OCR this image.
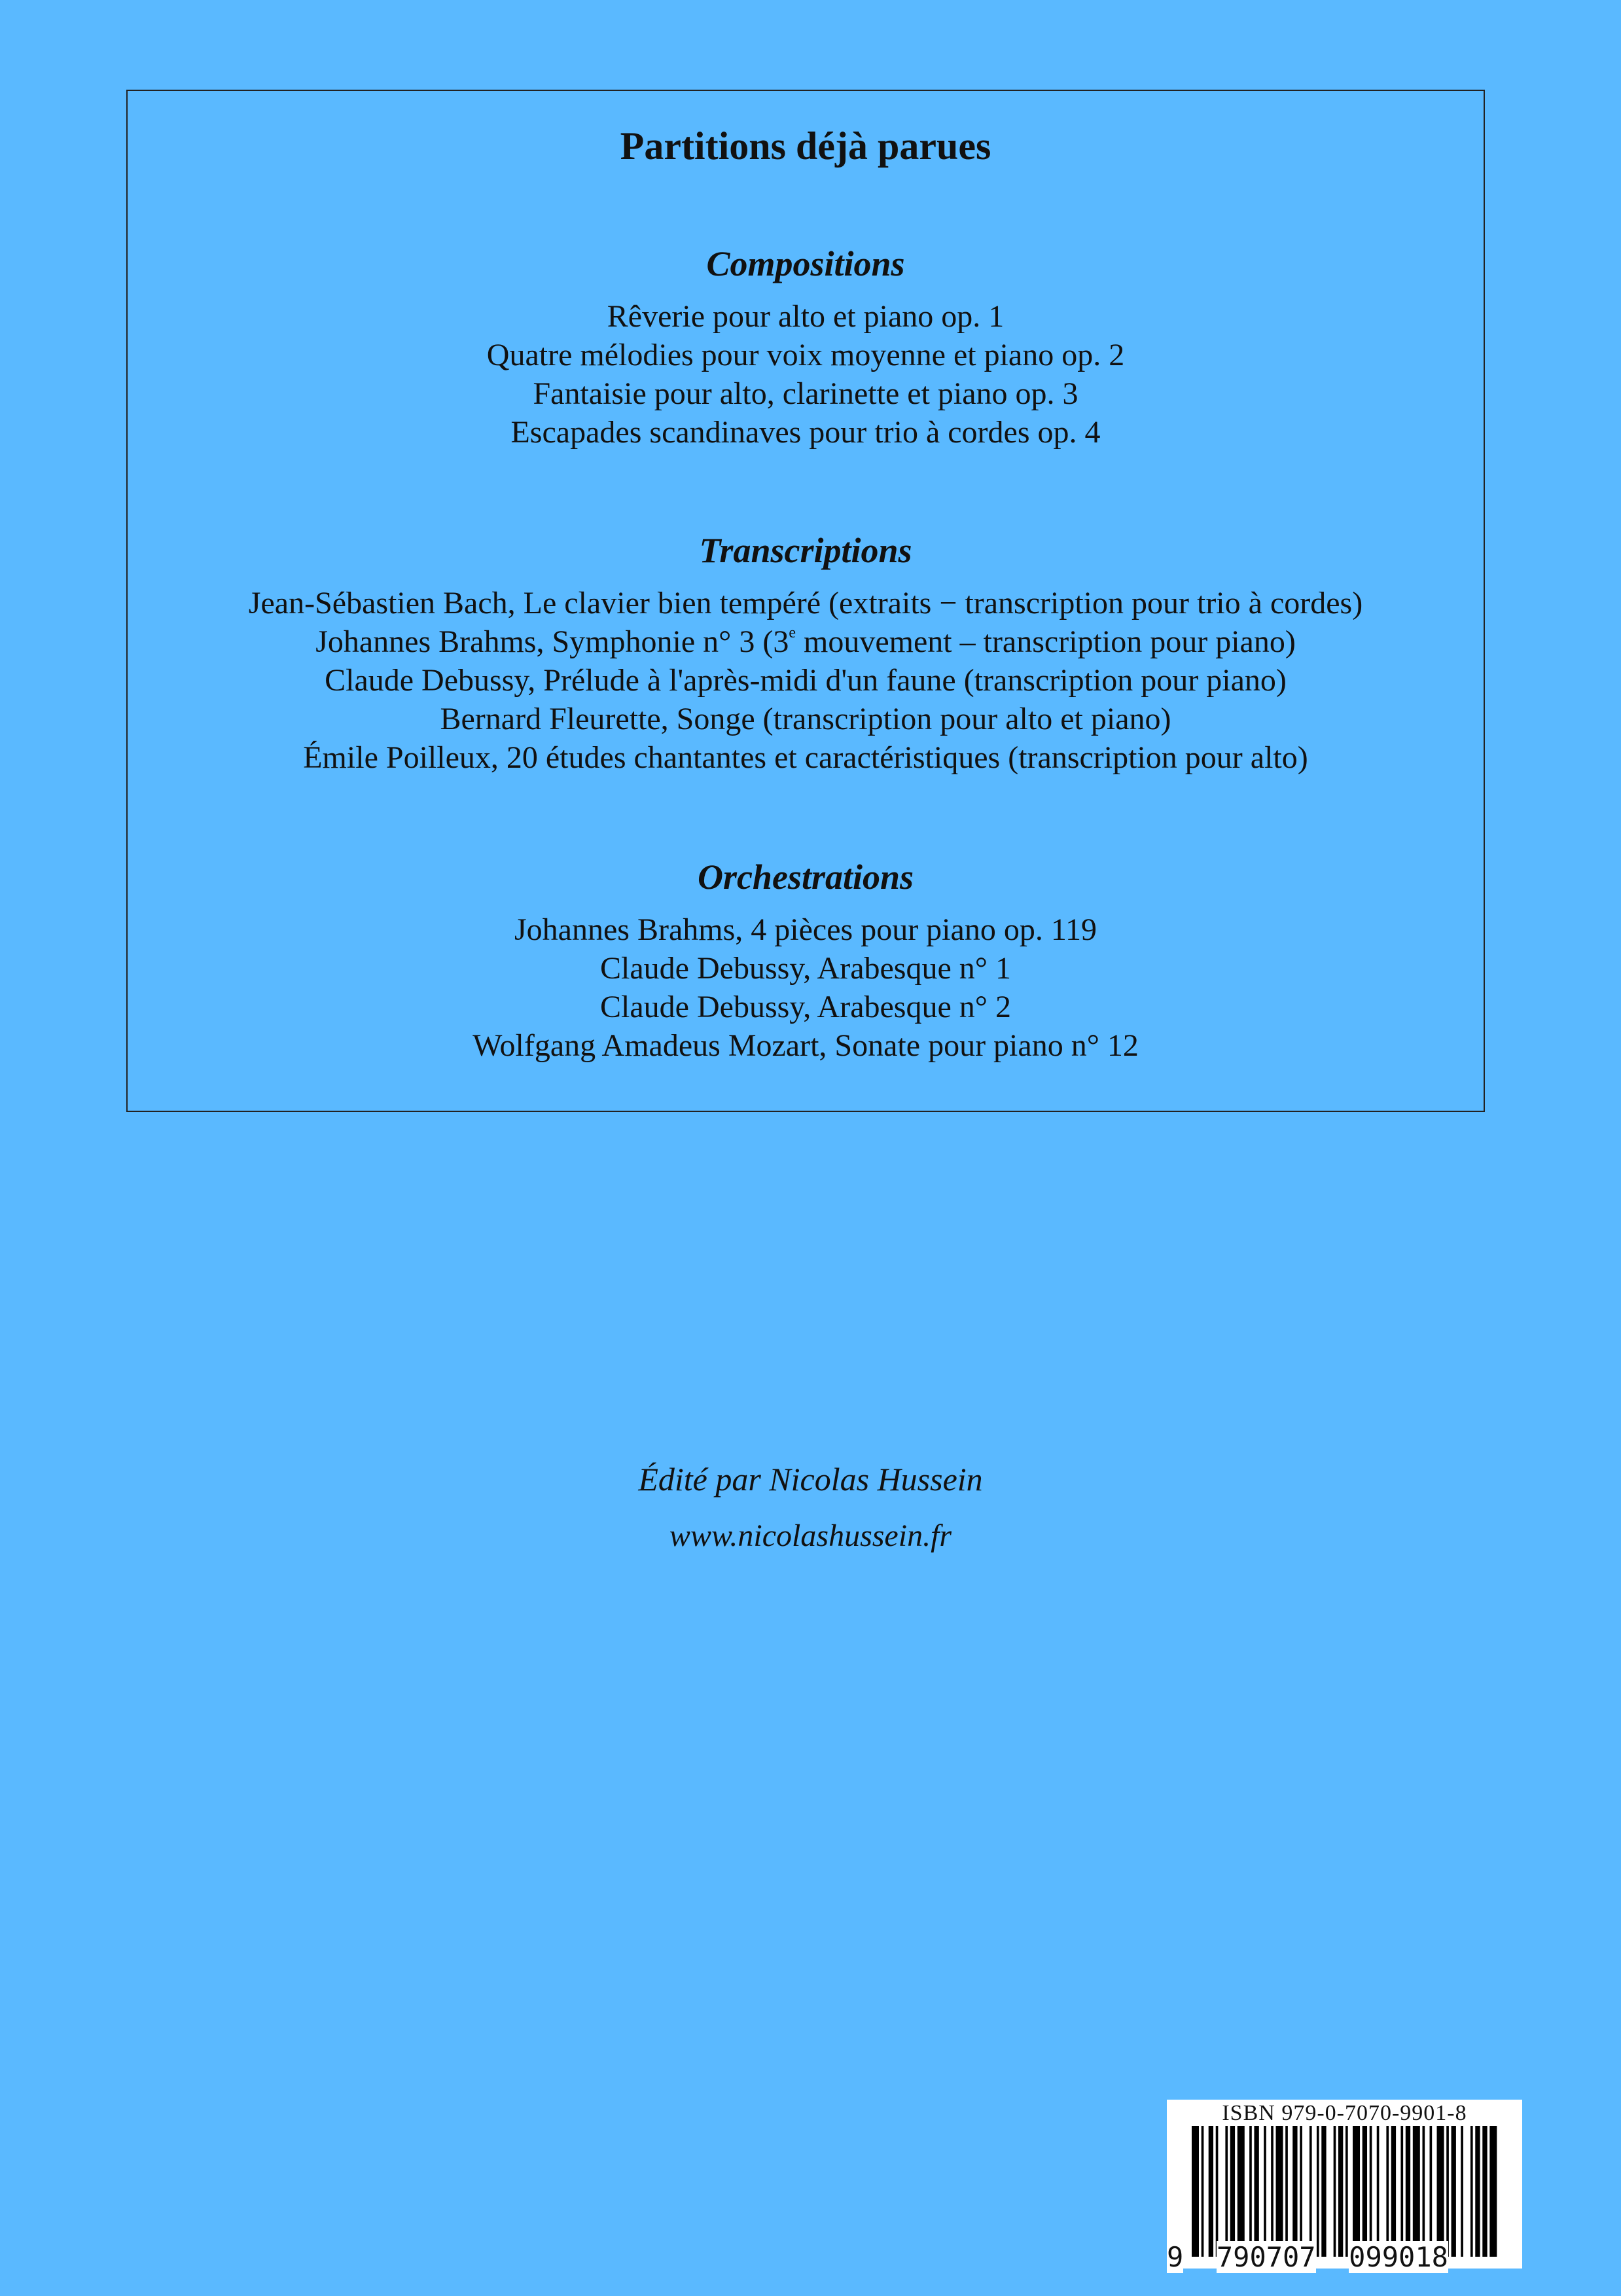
Partitions déjà parues
Compositions
Rêverie pour alto et piano op. 1
Quatre mélodies pour voix moyenne et piano op. 2
Fantaisie pour alto, clarinette et piano op. 3
Escapades scandinaves pour trio à cordes op. 4
Transcriptions
Jean-Sébastien Bach, Le clavier bien tempéré (extraits − transcription pour trio à cordes)
Johannes Brahms, Symphonie n° 3 (3e mouvement – transcription pour piano)
Claude Debussy, Prélude à l'après-midi d'un faune (transcription pour piano)
Bernard Fleurette, Songe (transcription pour alto et piano)
Émile Poilleux, 20 études chantantes et caractéristiques (transcription pour alto)
Orchestrations
Johannes Brahms, 4 pièces pour piano op. 119
Claude Debussy, Arabesque n° 1
Claude Debussy, Arabesque n° 2
Wolfgang Amadeus Mozart, Sonate pour piano n° 12
Édité par Nicolas Hussein
www.nicolashussein.fr
ISBN 979-0-7070-9901-8
9 790707 099018
